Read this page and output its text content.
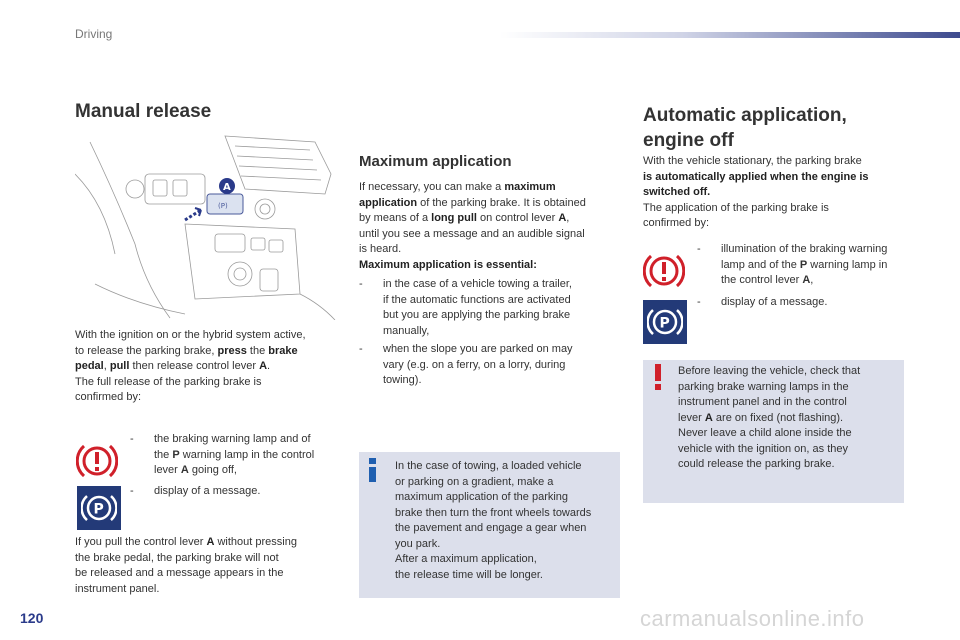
Driving
Manual release
(P)
A
With the ignition on or the hybrid system active,
to release the parking brake, press the brake
pedal, pull then release control lever A.
The full release of the parking brake is
confirmed by:
- the braking warning lamp and of
the P warning lamp in the control
lever A going off,
P
- display of a message.
If you pull the control lever A without pressing
the brake pedal, the parking brake will not
be released and a message appears in the
instrument panel.
Maximum application
If necessary, you can make a maximum
application of the parking brake. It is obtained
by means of a long pull on control lever A,
until you see a message and an audible signal
is heard.
Maximum application is essential:
- in the case of a vehicle towing a trailer,
if the automatic functions are activated
but you are applying the parking brake
manually,
- when the slope you are parked on may
vary (e.g. on a ferry, on a lorry, during
towing).
In the case of towing, a loaded vehicle
or parking on a gradient, make a
maximum application of the parking
brake then turn the front wheels towards
the pavement and engage a gear when
you park.
After a maximum application,
the release time will be longer.
Automatic application,
engine off
With the vehicle stationary, the parking brake
is automatically applied when the engine is
switched off.
The application of the parking brake is
confirmed by:
- illumination of the braking warning
lamp and of the P warning lamp in
the control lever A,
P
- display of a message.
Before leaving the vehicle, check that
parking brake warning lamps in the
instrument panel and in the control
lever A are on fixed (not flashing).
Never leave a child alone inside the
vehicle with the ignition on, as they
could release the parking brake.
120	carmanualsonline.info
